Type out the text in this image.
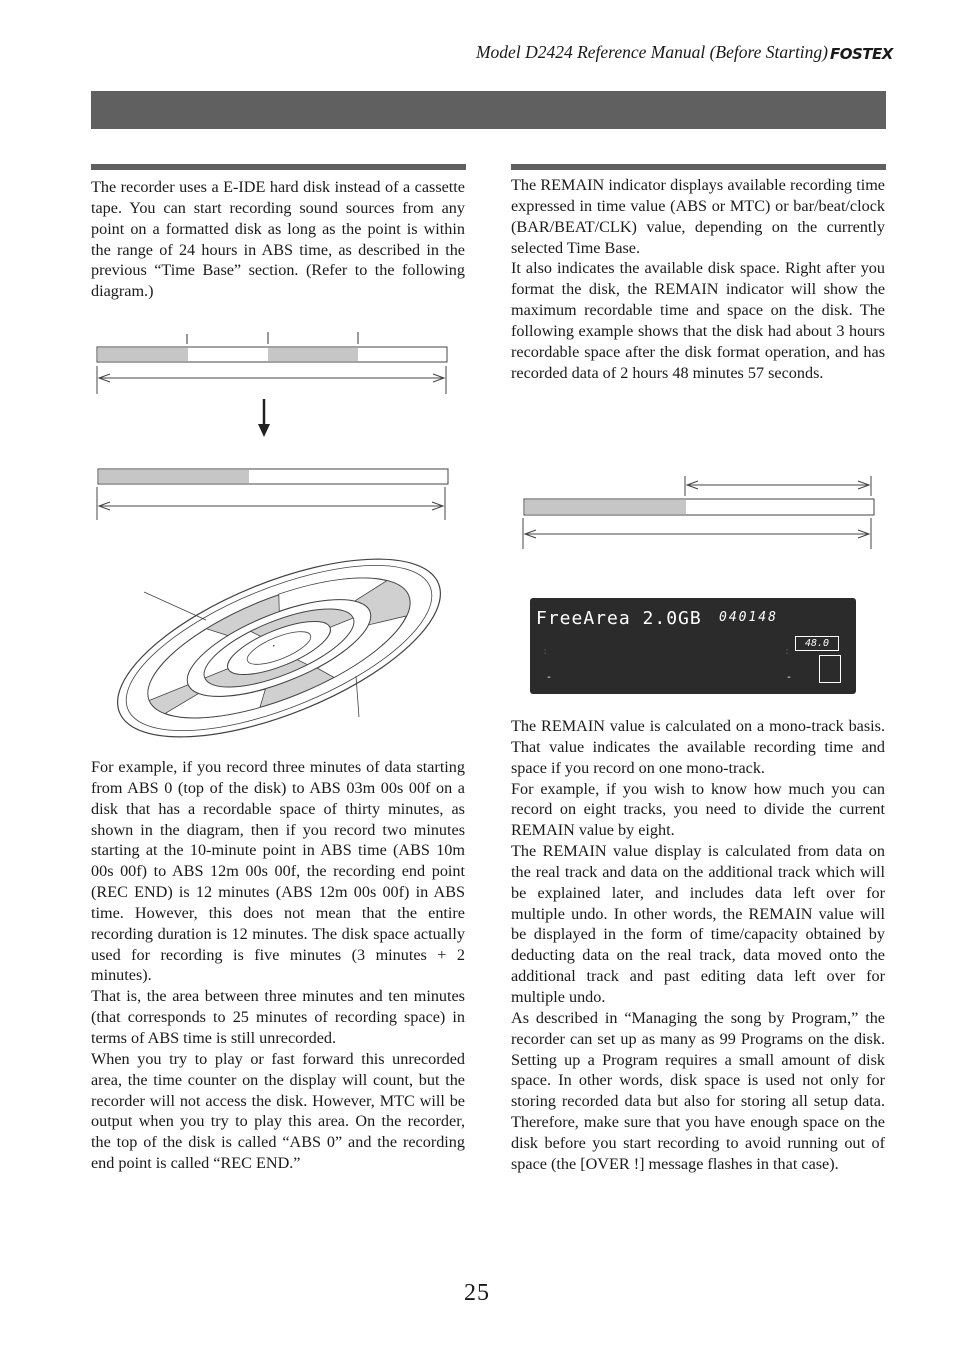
Model D2424 Reference Manual (Before Starting) FOSTEX

The recorder uses a E-IDE hard disk instead of a cassette tape. You can start recording sound sources from any point on a formatted disk as long as the point is within the range of 24 hours in ABS time, as described in the previous “Time Base” section. (Refer to the following diagram.)

For example, if you record three minutes of data starting from ABS 0 (top of the disk) to ABS 03m 00s 00f on a disk that has a recordable space of thirty minutes, as shown in the diagram, then if you record two minutes starting at the 10-minute point in ABS time (ABS 10m 00s 00f) to ABS 12m 00s 00f, the recording end point (REC END) is 12 minutes (ABS 12m 00s 00f) in ABS time. However, this does not mean that the entire recording duration is 12 minutes. The disk space actually used for recording is five minutes (3 minutes + 2 minutes).

That is, the area between three minutes and ten minutes (that corresponds to 25 minutes of recording space) in terms of ABS time is still unrecorded.

When you try to play or fast forward this unrecorded area, the time counter on the display will count, but the recorder will not access the disk. However, MTC will be output when you try to play this area. On the recorder, the top of the disk is called “ABS 0” and the recording end point is called “REC END.”

The REMAIN indicator displays available recording time expressed in time value (ABS or MTC) or bar/beat/clock (BAR/BEAT/CLK) value, depending on the currently selected Time Base.

It also indicates the available disk space. Right after you format the disk, the REMAIN indicator will show the maximum recordable time and space on the disk. The following example shows that the disk had about 3 hours recordable space after the disk format operation, and has recorded data of 2 hours 48 minutes 57 seconds.

FreeArea 2.0GB 040148
48.0
-	-
:	:

The REMAIN value is calculated on a mono-track basis. That value indicates the available recording time and space if you record on one mono-track.

For example, if you wish to know how much you can record on eight tracks, you need to divide the current REMAIN value by eight.

The REMAIN value display is calculated from data on the real track and data on the additional track which will be explained later, and includes data left over for multiple undo. In other words, the REMAIN value will be displayed in the form of time/capacity obtained by deducting data on the real track, data moved onto the additional track and past editing data left over for multiple undo.

As described in “Managing the song by Program,” the recorder can set up as many as 99 Programs on the disk. Setting up a Program requires a small amount of disk space. In other words, disk space is used not only for storing recorded data but also for storing all setup data. Therefore, make sure that you have enough space on the disk before you start recording to avoid running out of space (the [OVER !] message flashes in that case).

25
